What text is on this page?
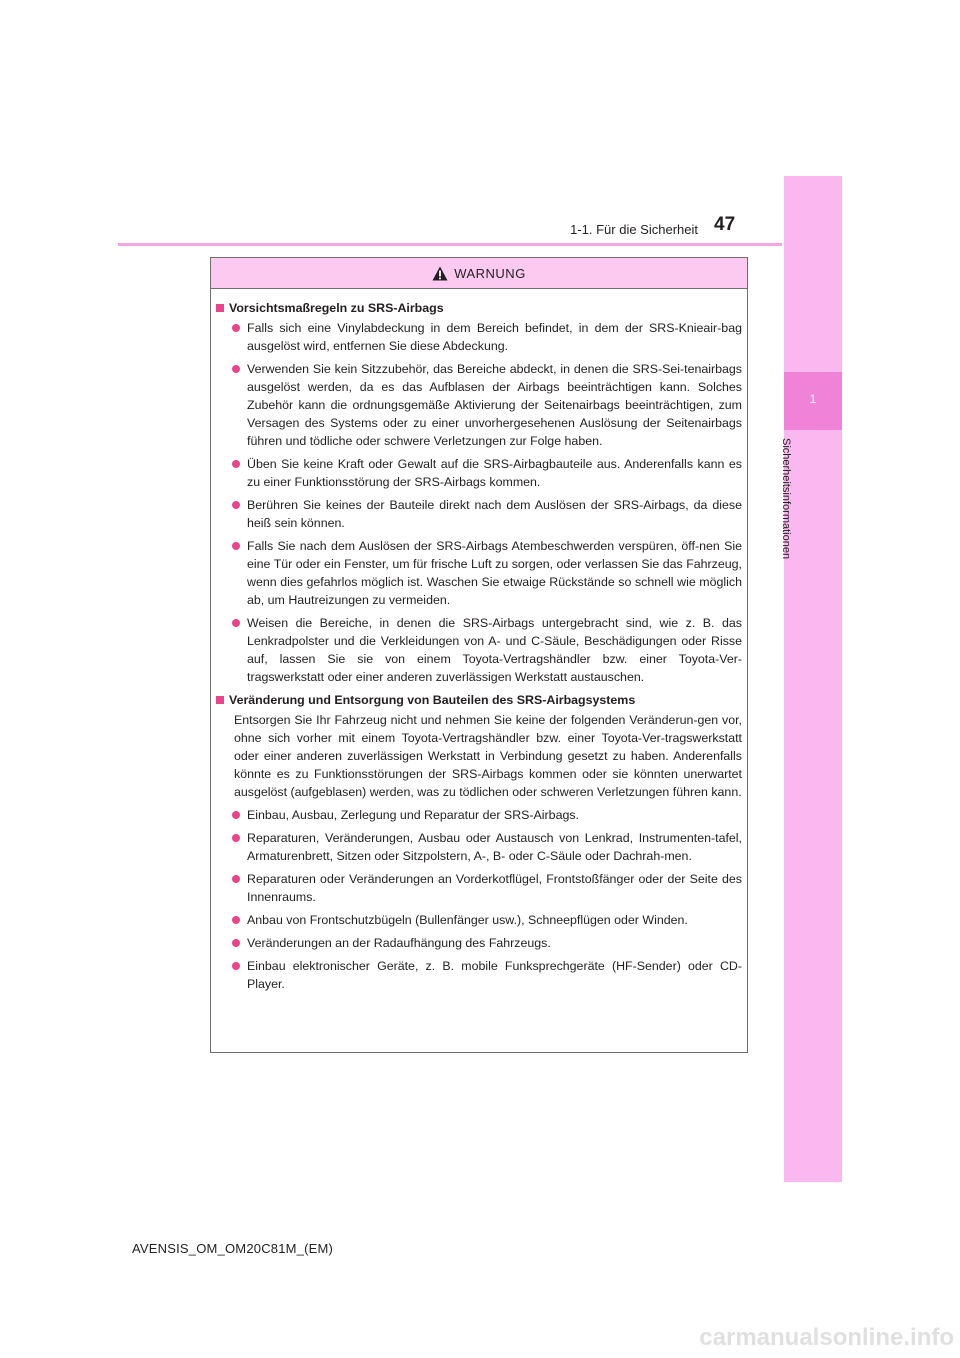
1-1. Für die Sicherheit 47
1
Sicherheitsinformationen
WARNUNG
Vorsichtsmaßregeln zu SRS-Airbags
Falls sich eine Vinylabdeckung in dem Bereich befindet, in dem der SRS-Knieair-bag ausgelöst wird, entfernen Sie diese Abdeckung.
Verwenden Sie kein Sitzzubehör, das Bereiche abdeckt, in denen die SRS-Sei-tenairbags ausgelöst werden, da es das Aufblasen der Airbags beeinträchtigen kann. Solches Zubehör kann die ordnungsgemäße Aktivierung der Seitenairbags beeinträchtigen, zum Versagen des Systems oder zu einer unvorhergesehenen Auslösung der Seitenairbags führen und tödliche oder schwere Verletzungen zur Folge haben.
Üben Sie keine Kraft oder Gewalt auf die SRS-Airbagbauteile aus. Anderenfalls kann es zu einer Funktionsstörung der SRS-Airbags kommen.
Berühren Sie keines der Bauteile direkt nach dem Auslösen der SRS-Airbags, da diese heiß sein können.
Falls Sie nach dem Auslösen der SRS-Airbags Atembeschwerden verspüren, öff-nen Sie eine Tür oder ein Fenster, um für frische Luft zu sorgen, oder verlassen Sie das Fahrzeug, wenn dies gefahrlos möglich ist. Waschen Sie etwaige Rückstände so schnell wie möglich ab, um Hautreizungen zu vermeiden.
Weisen die Bereiche, in denen die SRS-Airbags untergebracht sind, wie z. B. das Lenkradpolster und die Verkleidungen von A- und C-Säule, Beschädigungen oder Risse auf, lassen Sie sie von einem Toyota-Vertragshändler bzw. einer Toyota-Ver-tragswerkstatt oder einer anderen zuverlässigen Werkstatt austauschen.
Veränderung und Entsorgung von Bauteilen des SRS-Airbagsystems
Entsorgen Sie Ihr Fahrzeug nicht und nehmen Sie keine der folgenden Veränderun-gen vor, ohne sich vorher mit einem Toyota-Vertragshändler bzw. einer Toyota-Ver-tragswerkstatt oder einer anderen zuverlässigen Werkstatt in Verbindung gesetzt zu haben. Anderenfalls könnte es zu Funktionsstörungen der SRS-Airbags kommen oder sie könnten unerwartet ausgelöst (aufgeblasen) werden, was zu tödlichen oder schweren Verletzungen führen kann.
Einbau, Ausbau, Zerlegung und Reparatur der SRS-Airbags.
Reparaturen, Veränderungen, Ausbau oder Austausch von Lenkrad, Instrumenten-tafel, Armaturenbrett, Sitzen oder Sitzpolstern, A-, B- oder C-Säule oder Dachrah-men.
Reparaturen oder Veränderungen an Vorderkotflügel, Frontstoßfänger oder der Seite des Innenraums.
Anbau von Frontschutzbügeln (Bullenfänger usw.), Schneepflügen oder Winden.
Veränderungen an der Radaufhängung des Fahrzeugs.
Einbau elektronischer Geräte, z. B. mobile Funksprechgeräte (HF-Sender) oder CD-Player.
AVENSIS_OM_OM20C81M_(EM)
carmanualsonline.info
